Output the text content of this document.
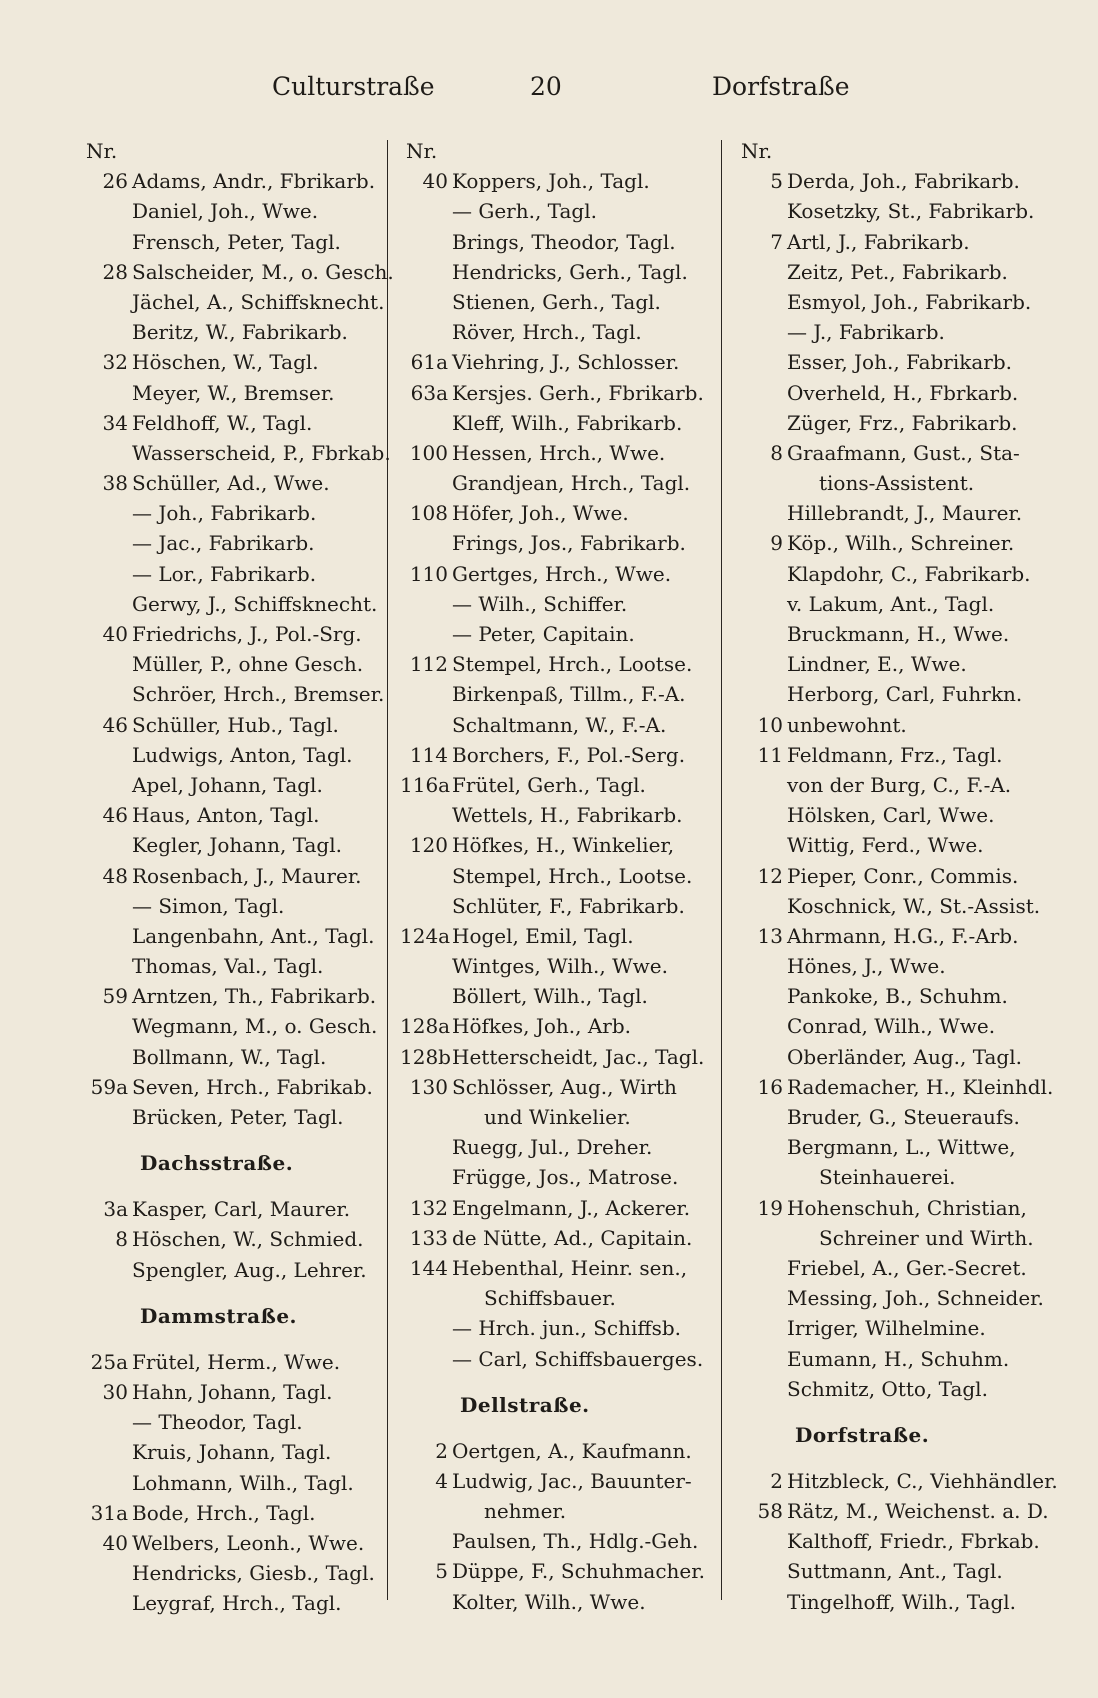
Culturstraße	20	Dorfstraße
Nr.
26 Adams, Andr., Fbrikarb.
Daniel, Joh., Wwe.
Frensch, Peter, Tagl.
28 Salscheider, M., o. Gesch.
Jächel, A., Schiffsknecht.
Beritz, W., Fabrikarb.
32 Höschen, W., Tagl.
Meyer, W., Bremser.
34 Feldhoff, W., Tagl.
Wasserscheid, P., Fbrkab.
38 Schüller, Ad., Wwe.
— Joh., Fabrikarb.
— Jac., Fabrikarb.
— Lor., Fabrikarb.
Gerwy, J., Schiffsknecht.
40 Friedrichs, J., Pol.-Srg.
Müller, P., ohne Gesch.
Schröer, Hrch., Bremser.
46 Schüller, Hub., Tagl.
Ludwigs, Anton, Tagl.
Apel, Johann, Tagl.
46 Haus, Anton, Tagl.
Kegler, Johann, Tagl.
48 Rosenbach, J., Maurer.
— Simon, Tagl.
Langenbahn, Ant., Tagl.
Thomas, Val., Tagl.
59 Arntzen, Th., Fabrikarb.
Wegmann, M., o. Gesch.
Bollmann, W., Tagl.
59a Seven, Hrch., Fabrikab.
Brücken, Peter, Tagl.
Dachsstraße.
3a Kasper, Carl, Maurer.
8 Höschen, W., Schmied.
Spengler, Aug., Lehrer.
Dammstraße.
25a Frütel, Herm., Wwe.
30 Hahn, Johann, Tagl.
— Theodor, Tagl.
Kruis, Johann, Tagl.
Lohmann, Wilh., Tagl.
31a Bode, Hrch., Tagl.
40 Welbers, Leonh., Wwe.
Hendricks, Giesb., Tagl.
Leygraf, Hrch., Tagl.
Nr.
40 Koppers, Joh., Tagl.
— Gerh., Tagl.
Brings, Theodor, Tagl.
Hendricks, Gerh., Tagl.
Stienen, Gerh., Tagl.
Röver, Hrch., Tagl.
61a Viehring, J., Schlosser.
63a Kersjes. Gerh., Fbrikarb.
Kleff, Wilh., Fabrikarb.
100 Hessen, Hrch., Wwe.
Grandjean, Hrch., Tagl.
108 Höfer, Joh., Wwe.
Frings, Jos., Fabrikarb.
110 Gertges, Hrch., Wwe.
— Wilh., Schiffer.
— Peter, Capitain.
112 Stempel, Hrch., Lootse.
Birkenpaß, Tillm., F.-A.
Schaltmann, W., F.-A.
114 Borchers, F., Pol.-Serg.
116a Frütel, Gerh., Tagl.
Wettels, H., Fabrikarb.
120 Höfkes, H., Winkelier,
Stempel, Hrch., Lootse.
Schlüter, F., Fabrikarb.
124a Hogel, Emil, Tagl.
Wintges, Wilh., Wwe.
Böllert, Wilh., Tagl.
128a Höfkes, Joh., Arb.
128b Hetterscheidt, Jac., Tagl.
130 Schlösser, Aug., Wirth
und Winkelier.
Ruegg, Jul., Dreher.
Frügge, Jos., Matrose.
132 Engelmann, J., Ackerer.
133 de Nütte, Ad., Capitain.
144 Hebenthal, Heinr. sen.,
Schiffsbauer.
— Hrch. jun., Schiffsb.
— Carl, Schiffsbauerges.
Dellstraße.
2 Oertgen, A., Kaufmann.
4 Ludwig, Jac., Bauunter-
nehmer.
Paulsen, Th., Hdlg.-Geh.
5 Düppe, F., Schuhmacher.
Kolter, Wilh., Wwe.
Nr.
5 Derda, Joh., Fabrikarb.
Kosetzky, St., Fabrikarb.
7 Artl, J., Fabrikarb.
Zeitz, Pet., Fabrikarb.
Esmyol, Joh., Fabrikarb.
— J., Fabrikarb.
Esser, Joh., Fabrikarb.
Overheld, H., Fbrkarb.
Züger, Frz., Fabrikarb.
8 Graafmann, Gust., Sta-
tions-Assistent.
Hillebrandt, J., Maurer.
9 Köp., Wilh., Schreiner.
Klapdohr, C., Fabrikarb.
v. Lakum, Ant., Tagl.
Bruckmann, H., Wwe.
Lindner, E., Wwe.
Herborg, Carl, Fuhrkn.
10 unbewohnt.
11 Feldmann, Frz., Tagl.
von der Burg, C., F.-A.
Hölsken, Carl, Wwe.
Wittig, Ferd., Wwe.
12 Pieper, Conr., Commis.
Koschnick, W., St.-Assist.
13 Ahrmann, H.G., F.-Arb.
Hönes, J., Wwe.
Pankoke, B., Schuhm.
Conrad, Wilh., Wwe.
Oberländer, Aug., Tagl.
16 Rademacher, H., Kleinhdl.
Bruder, G., Steueraufs.
Bergmann, L., Wittwe,
Steinhauerei.
19 Hohenschuh, Christian,
Schreiner und Wirth.
Friebel, A., Ger.-Secret.
Messing, Joh., Schneider.
Irriger, Wilhelmine.
Eumann, H., Schuhm.
Schmitz, Otto, Tagl.
Dorfstraße.
2 Hitzbleck, C., Viehhändler.
58 Rätz, M., Weichenst. a. D.
Kalthoff, Friedr., Fbrkab.
Suttmann, Ant., Tagl.
Tingelhoff, Wilh., Tagl.
